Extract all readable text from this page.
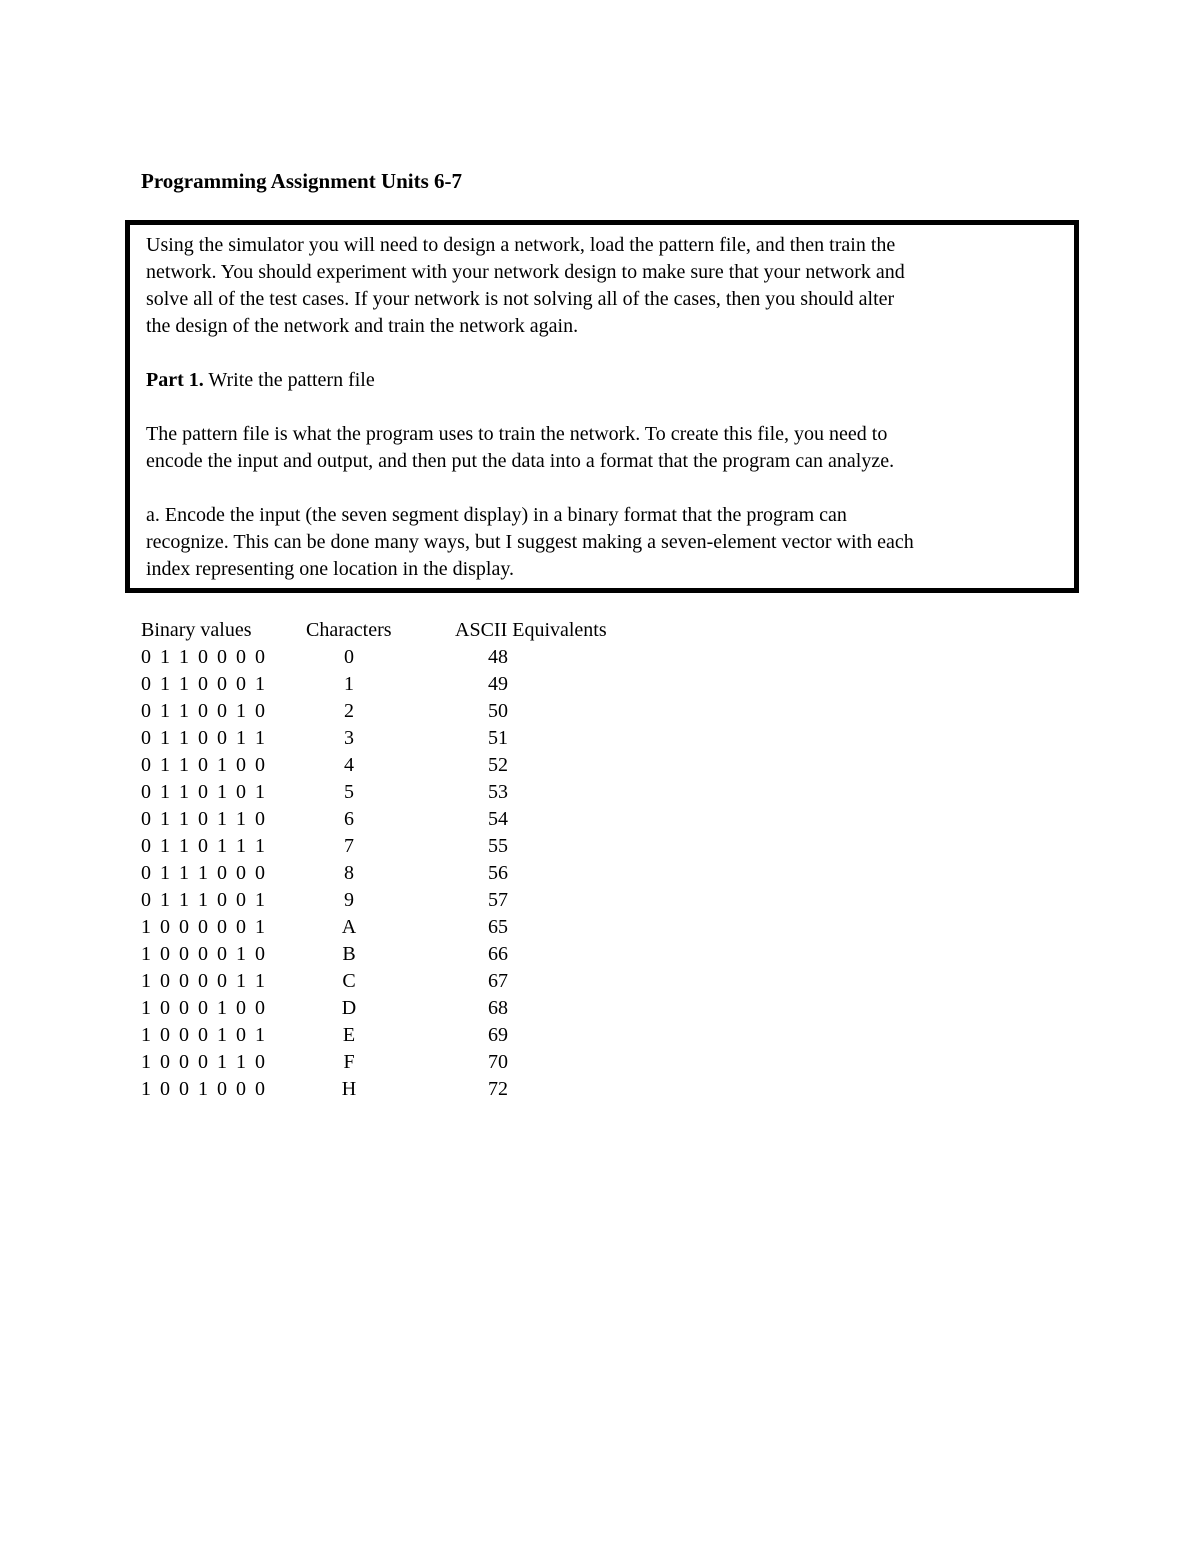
Programming Assignment Units 6-7

Using the simulator you will need to design a network, load the pattern file, and then train the

network. You should experiment with your network design to make sure that your network and

solve all of the test cases. If your network is not solving all of the cases, then you should alter

the design of the network and train the network again.

Part 1. Write the pattern file

The pattern file is what the program uses to train the network. To create this file, you need to

encode the input and output, and then put the data into a format that the program can analyze.

a. Encode the input (the seven segment display) in a binary format that the program can

recognize. This can be done many ways, but I suggest making a seven-element vector with each

index representing one location in the display.

Binary values	Characters	ASCII Equivalents
0 1 1 0 0 0 0	0	48
0 1 1 0 0 0 1	1	49
0 1 1 0 0 1 0	2	50
0 1 1 0 0 1 1	3	51
0 1 1 0 1 0 0	4	52
0 1 1 0 1 0 1	5	53
0 1 1 0 1 1 0	6	54
0 1 1 0 1 1 1	7	55
0 1 1 1 0 0 0	8	56
0 1 1 1 0 0 1	9	57
1 0 0 0 0 0 1	A	65
1 0 0 0 0 1 0	B	66
1 0 0 0 0 1 1	C	67
1 0 0 0 1 0 0	D	68
1 0 0 0 1 0 1	E	69
1 0 0 0 1 1 0	F	70
1 0 0 1 0 0 0	H	72
